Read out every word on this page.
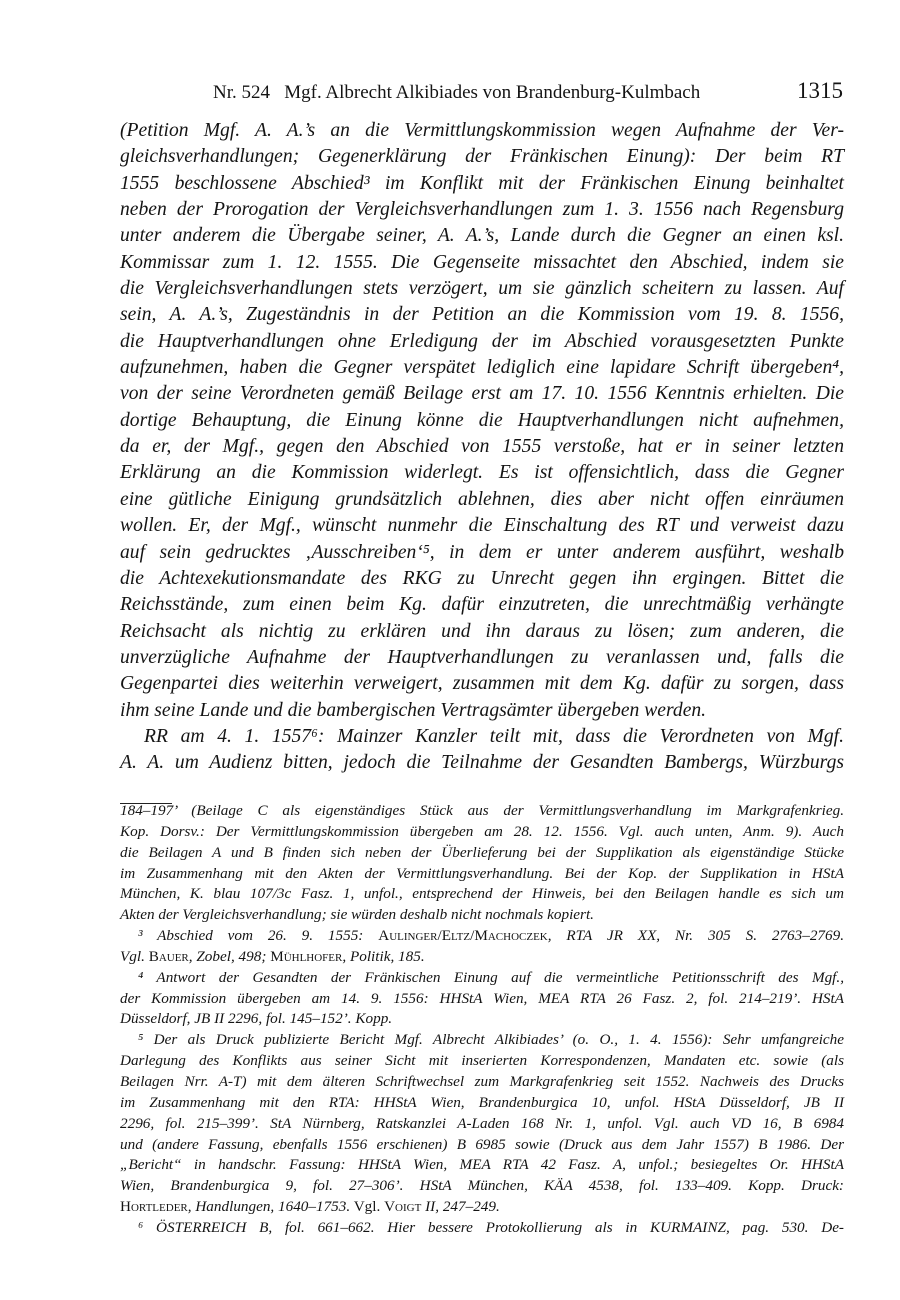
Nr. 524   Mgf. Albrecht Alkibiades von Brandenburg-Kulmbach	1315
(Petition Mgf. A. A.’s an die Vermittlungskommission wegen Aufnahme der Ver-
gleichsverhandlungen; Gegenerklärung der Fränkischen Einung): Der beim RT
1555 beschlossene Abschied³ im Konflikt mit der Fränkischen Einung beinhaltet
neben der Prorogation der Vergleichsverhandlungen zum 1. 3. 1556 nach Regensburg
unter anderem die Übergabe seiner, A. A.’s, Lande durch die Gegner an einen ksl.
Kommissar zum 1. 12. 1555. Die Gegenseite missachtet den Abschied, indem sie
die Vergleichsverhandlungen stets verzögert, um sie gänzlich scheitern zu lassen. Auf
sein, A. A.’s, Zugeständnis in der Petition an die Kommission vom 19. 8. 1556,
die Hauptverhandlungen ohne Erledigung der im Abschied vorausgesetzten Punkte
aufzunehmen, haben die Gegner verspätet lediglich eine lapidare Schrift übergeben⁴,
von der seine Verordneten gemäß Beilage erst am 17. 10. 1556 Kenntnis erhielten. Die
dortige Behauptung, die Einung könne die Hauptverhandlungen nicht aufnehmen,
da er, der Mgf., gegen den Abschied von 1555 verstoße, hat er in seiner letzten
Erklärung an die Kommission widerlegt. Es ist offensichtlich, dass die Gegner
eine gütliche Einigung grundsätzlich ablehnen, dies aber nicht offen einräumen
wollen. Er, der Mgf., wünscht nunmehr die Einschaltung des RT und verweist dazu
auf sein gedrucktes ‚Ausschreiben‘⁵, in dem er unter anderem ausführt, weshalb
die Achtexekutionsmandate des RKG zu Unrecht gegen ihn ergingen. Bittet die
Reichsstände, zum einen beim Kg. dafür einzutreten, die unrechtmäßig verhängte
Reichsacht als nichtig zu erklären und ihn daraus zu lösen; zum anderen, die
unverzügliche Aufnahme der Hauptverhandlungen zu veranlassen und, falls die
Gegenpartei dies weiterhin verweigert, zusammen mit dem Kg. dafür zu sorgen, dass
ihm seine Lande und die bambergischen Vertragsämter übergeben werden.
RR am 4. 1. 1557⁶: Mainzer Kanzler teilt mit, dass die Verordneten von Mgf.
A. A. um Audienz bitten, jedoch die Teilnahme der Gesandten Bambergs, Würzburgs
184–197’ (Beilage C als eigenständiges Stück aus der Vermittlungsverhandlung im Markgrafenkrieg.
Kop. Dorsv.: Der Vermittlungskommission übergeben am 28. 12. 1556. Vgl. auch unten, Anm. 9). Auch
die Beilagen A und B finden sich neben der Überlieferung bei der Supplikation als eigenständige Stücke
im Zusammenhang mit den Akten der Vermittlungsverhandlung. Bei der Kop. der Supplikation in HStA
München, K. blau 107/3c Fasz. 1, unfol., entsprechend der Hinweis, bei den Beilagen handle es sich um
Akten der Vergleichsverhandlung; sie würden deshalb nicht nochmals kopiert.
³ Abschied vom 26. 9. 1555: Aulinger/Eltz/Machoczek, RTA JR XX, Nr. 305 S. 2763–2769.
Vgl. Bauer, Zobel, 498; Mühlhofer, Politik, 185.
⁴ Antwort der Gesandten der Fränkischen Einung auf die vermeintliche Petitionsschrift des Mgf.,
der Kommission übergeben am 14. 9. 1556: HHStA Wien, MEA RTA 26 Fasz. 2, fol. 214–219’. HStA
Düsseldorf, JB II 2296, fol. 145–152’. Kopp.
⁵ Der als Druck publizierte Bericht Mgf. Albrecht Alkibiades’ (o. O., 1. 4. 1556): Sehr umfangreiche
Darlegung des Konflikts aus seiner Sicht mit inserierten Korrespondenzen, Mandaten etc. sowie (als
Beilagen Nrr. A-T) mit dem älteren Schriftwechsel zum Markgrafenkrieg seit 1552. Nachweis des Drucks
im Zusammenhang mit den RTA: HHStA Wien, Brandenburgica 10, unfol. HStA Düsseldorf, JB II
2296, fol. 215–399’. StA Nürnberg, Ratskanzlei A-Laden 168 Nr. 1, unfol. Vgl. auch VD 16, B 6984
und (andere Fassung, ebenfalls 1556 erschienen) B 6985 sowie (Druck aus dem Jahr 1557) B 1986. Der
„Bericht“ in handschr. Fassung: HHStA Wien, MEA RTA 42 Fasz. A, unfol.; besiegeltes Or. HHStA
Wien, Brandenburgica 9, fol. 27–306’. HStA München, KÄA 4538, fol. 133–409. Kopp. Druck:
Hortleder, Handlungen, 1640–1753. Vgl. Voigt II, 247–249.
⁶ ÖSTERREICH B, fol. 661–662. Hier bessere Protokollierung als in KURMAINZ, pag. 530. De-
